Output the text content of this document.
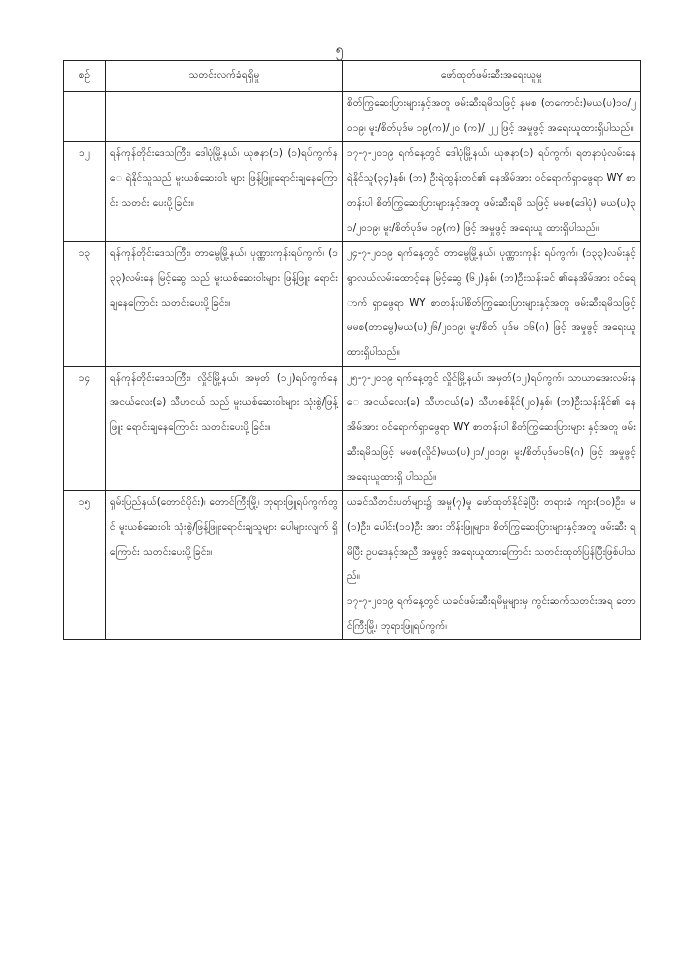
၅
စဉ်	သတင်းလက်ခံရရှိမှု	ဖော်ထုတ်ဖမ်းဆီးအရေးယူမှု

		စိတ်ကြွဆေးပြားများနှင့်အတူ ဖမ်းဆီးရမိသဖြင့် နမစ (တကောင်း)မယ(ပ)၁၀/၂၀၁၉၊ မူး/စိတ်ပုဒ်မ ၁၉(က)/၂၀ (က)/ ၂၂ ဖြင့် အမှုဖွင့် အရေးယူထားရှိပါသည်။

၁၂	ရန်ကုန်တိုင်းဒေသကြီး၊ ဒေါပုံမြို့နယ်၊ ယုဇနာ(၁) (၁)ရပ်ကွက်နေ ရဲနိုင်သူသည် မူးယစ်ဆေးဝါး များ ဖြန့်ဖြူးရောင်းချနေကြောင်း သတင်း ပေးပို့ခြင်း။	၁၇-၇-၂၀၁၉ ရက်နေ့တွင် ဒေါပုံမြို့နယ်၊ ယုဇနာ(၁) ရပ်ကွက်၊ ရတနာပုံလမ်းနေ ရဲနိုင်သူ(၃၄)နှစ်၊ (ဘ) ဦးရဲထွန်းတင်၏ နေအိမ်အား ဝင်ရောက်ရှာဖွေရာ WY စာတန်းပါ စိတ်ကြွဆေးပြားများနှင့်အတူ ဖမ်းဆီးရမိ သဖြင့် မမစ(ဒေါပုံ) မယ(ပ)၃၁/၂၀၁၉၊ မူး/စိတ်ပုဒ်မ ၁၉(က) ဖြင့် အမှုဖွင့် အရေးယူ ထားရှိပါသည်။

၁၃	ရန်ကုန်တိုင်းဒေသကြီး၊ တာမွေမြို့နယ်၊ ပုဏ္ဏားကုန်းရပ်ကွက်၊ (၁၃၃)လမ်းနေ မြင့်ဆွေ သည် မူးယစ်ဆေးဝါးများ ဖြန့်ဖြူး ရောင်းချနေကြောင်း သတင်းပေးပို့ခြင်း။	၂၄-၇-၂၀၁၉ ရက်နေ့တွင် တာမွေမြို့နယ်၊ ပုဏ္ဏားကုန်း ရပ်ကွက်၊ (၁၃၃)လမ်းနှင့်ရွာလယ်လမ်းထောင့်နေ မြင့်ဆွေ (၆၂)နှစ်၊ (ဘ)ဦးသန်းခင် ၏နေအိမ်အား ဝင်ရောက် ရှာဖွေရာ WY စာတန်းပါစိတ်ကြွဆေးပြားများနှင့်အတူ ဖမ်းဆီးရမိသဖြင့် မမစ(တာမွေ)မယ(ပ)၂၆/၂၀၁၉၊ မူး/စိတ် ပုဒ်မ ၁၆(ဂ) ဖြင့် အမှုဖွင့် အရေးယူထားရှိပါသည်။

၁၄	ရန်ကုန်တိုင်းဒေသကြီး၊ လှိုင်မြို့နယ်၊ အမှတ် (၁၂)ရပ်ကွက်နေ အငယ်လေး(ခ) သီဟငယ် သည် မူးယစ်ဆေးဝါးများ သုံးစွဲ/ဖြန့်ဖြူး ရောင်းချနေကြောင်း သတင်းပေးပို့ခြင်း။	၂၅-၇-၂၀၁၉ ရက်နေ့တွင် လှိုင်မြို့နယ်၊ အမှတ်(၁၂)ရပ်ကွက်၊ သာယာအေးလမ်းနေ အငယ်လေး(ခ) သီဟငယ်(ခ) သီဟစစ်နိုင်(၂၀)နှစ်၊ (ဘ)ဦးသန်းနိုင်၏ နေအိမ်အား ဝင်ရောက်ရှာဖွေရာ WY စာတန်းပါ စိတ်ကြွဆေးပြားများ နှင့်အတူ ဖမ်းဆီးရမိသဖြင့် မမစ(လှိုင်)မယ(ပ)၂၁/၂၀၁၉၊ မူး/စိတ်ပုဒ်မ၁၆(ဂ) ဖြင့် အမှုဖွင့် အရေးယူထားရှိ ပါသည်။

၁၅	ရှမ်းပြည်နယ်(တောင်ပိုင်း)၊ တောင်ကြီးမြို့၊ ဘုရားဖြူရပ်ကွက်တွင် မူးယစ်ဆေးဝါး သုံးစွဲ/ဖြန့်ဖြူးရောင်းချသူများ ပေါများလျက် ရှိကြောင်း သတင်းပေးပို့ခြင်း။	ယခင်သီတင်းပတ်များ၌ အမှု(၇)မှု ဖော်ထုတ်နိုင်ခဲ့ပြီး တရားခံ ကျား(၁၀)ဦး၊ မ(၁)ဦး၊ ပေါင်း(၁၁)ဦး အား ဘိန်းဖြူများ၊ စိတ်ကြွဆေးပြားများနှင့်အတူ ဖမ်းဆီး ရမိပြီး ဥပဒေနှင့်အညီ အမှုဖွင့် အရေးယူထားကြောင်း သတင်းထုတ်ပြန်ပြီးဖြစ်ပါသည်။
၁၇-၇-၂၀၁၉ ရက်နေ့တွင် ယခင်ဖမ်းဆီးရမိမှုများမှ ကွင်းဆက်သတင်းအရ တောင်ကြီးမြို့၊ ဘုရားဖြူရပ်ကွက်၊
